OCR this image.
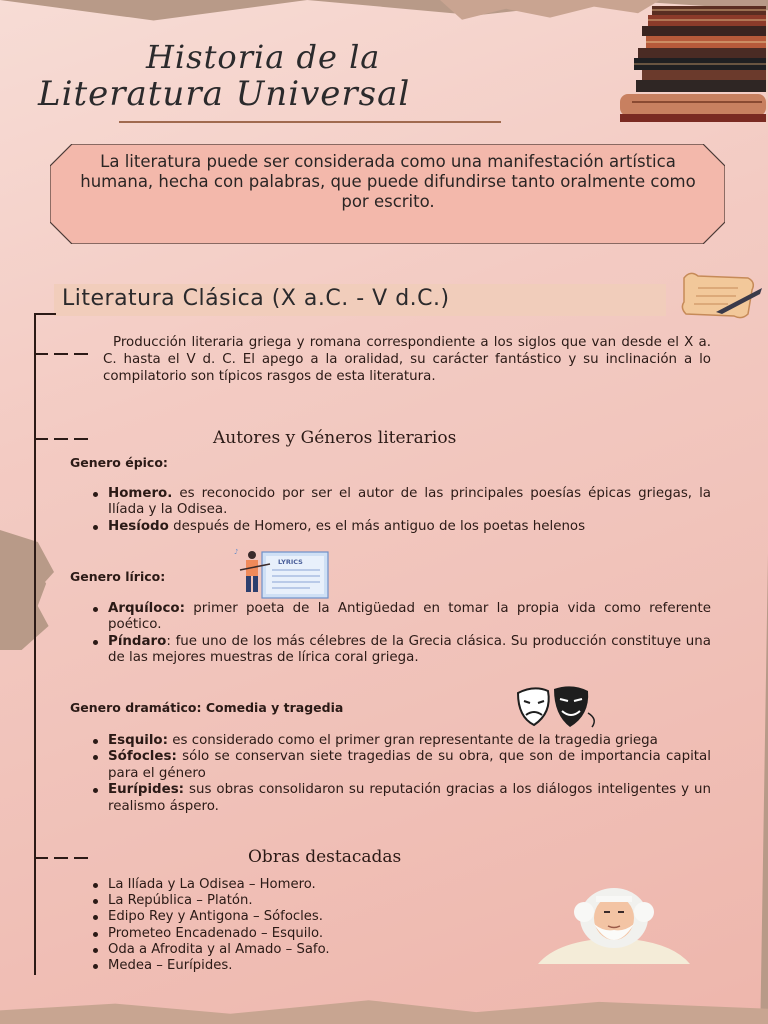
Historia de la
Literatura Universal

La literatura puede ser considerada como una manifestación artística humana, hecha con palabras, que puede difundirse tanto oralmente como por escrito.

Literatura Clásica (X a.C. - V d.C.)

Producción literaria griega y romana correspondiente a los siglos que van desde el X a. C. hasta el V d. C. El apego a la oralidad, su carácter fantástico y su inclinación a lo compilatorio son típicos rasgos de esta literatura.

Autores y Géneros literarios
Genero épico:
Homero. es reconocido por ser el autor de las principales poesías épicas griegas, la Ilíada y la Odisea.
Hesíodo después de Homero, es el más antiguo de los poetas helenos
Genero lírico:
LYRICS
♪
Arquíloco: primer poeta de la Antigüedad en tomar la propia vida como referente poético.
Píndaro: fue uno de los más célebres de la Grecia clásica. Su producción constituye una de las mejores muestras de lírica coral griega.
Genero dramático: Comedia y tragedia
Esquilo: es considerado como el primer gran representante de la tragedia griega
Sófocles: sólo se conservan siete tragedias de su obra, que son de importancia capital para el género
Eurípides: sus obras consolidaron su reputación gracias a los diálogos inteligentes y un realismo áspero.
Obras destacadas
La Ilíada y La Odisea – Homero.
La República – Platón.
Edipo Rey y Antigona – Sófocles.
Prometeo Encadenado – Esquilo.
Oda a Afrodita y al Amado – Safo.
Medea – Eurípides.
